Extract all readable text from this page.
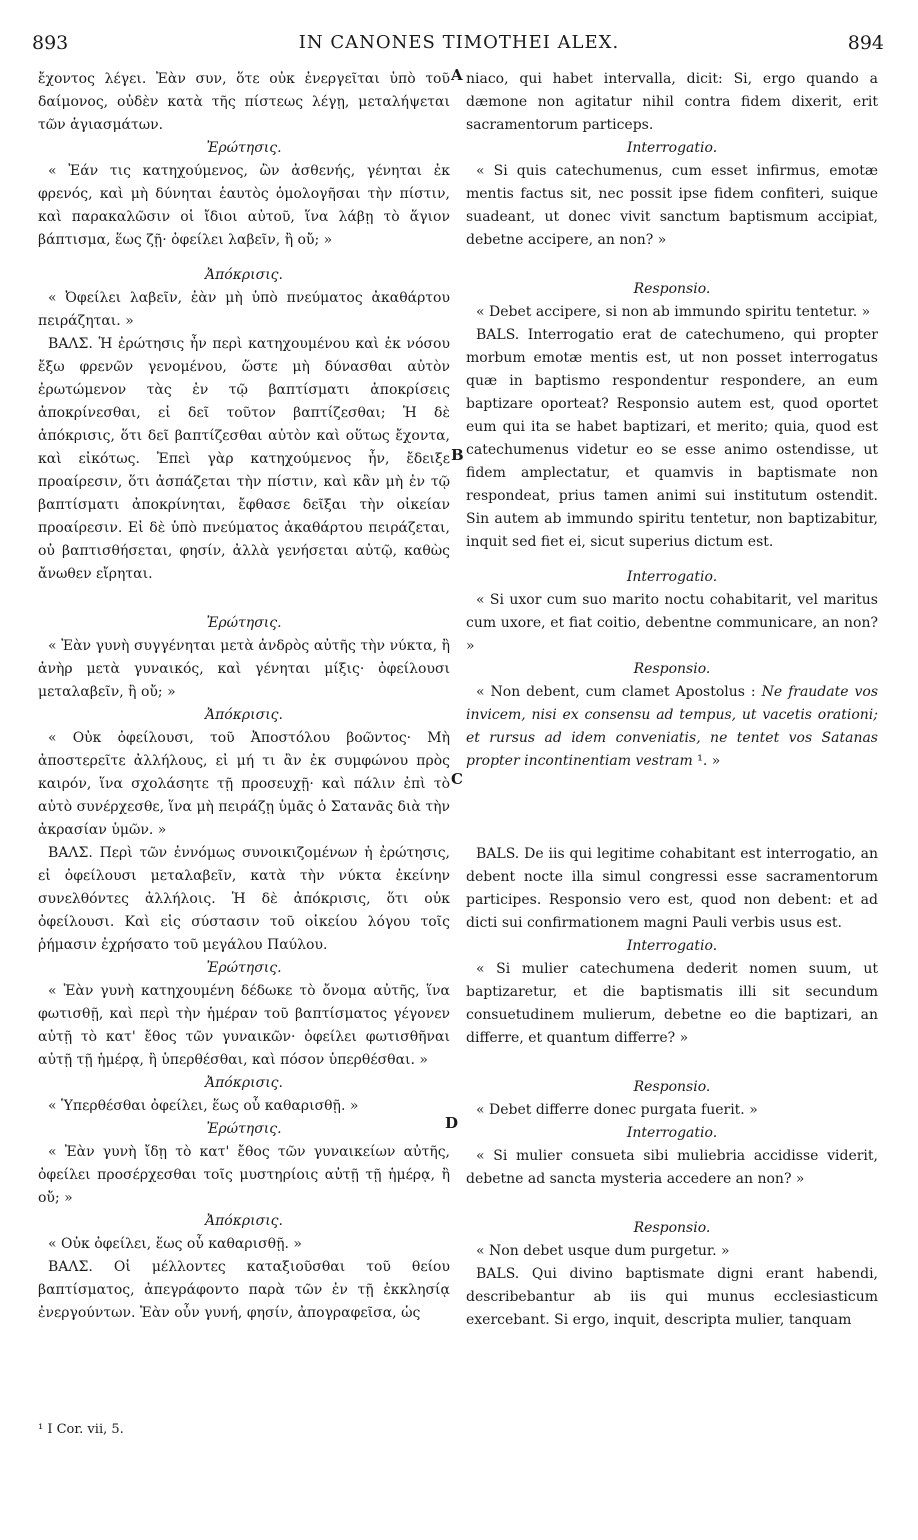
893	IN CANONES TIMOTHEI ALEX.	894
A
B
C
D

ἔχοντος λέγει. Ἐὰν συν, ὅτε οὐκ ἐνεργεῖται ὑπὸ τοῦ δαίμονος, οὐδὲν κατὰ τῆς πίστεως λέγῃ, μεταλήψεται τῶν ἁγιασμάτων.

Ἐρώτησις.

« Ἐάν τις κατηχούμενος, ὢν ἀσθενής, γένηται ἐκ φρενός, καὶ μὴ δύνηται ἑαυτὸς ὁμολογῆσαι τὴν πίστιν, καὶ παρακαλῶσιν οἱ ἴδιοι αὐτοῦ, ἵνα λάβῃ τὸ ἅγιον βάπτισμα, ἕως ζῇ· ὀφείλει λαβεῖν, ἢ οὔ; »

Ἀπόκρισις.

« Ὀφείλει λαβεῖν, ἐὰν μὴ ὑπὸ πνεύματος ἀκαθάρτου πειράζηται. »

ΒΑΛΣ. Ἡ ἐρώτησις ἦν περὶ κατηχουμένου καὶ ἐκ νόσου ἔξω φρενῶν γενομένου, ὥστε μὴ δύνασθαι αὐτὸν ἐρωτώμενον τὰς ἐν τῷ βαπτίσματι ἀποκρίσεις ἀποκρίνεσθαι, εἰ δεῖ τοῦτον βαπτίζεσθαι; Ἡ δὲ ἀπόκρισις, ὅτι δεῖ βαπτίζεσθαι αὐτὸν καὶ οὕτως ἔχοντα, καὶ εἰκότως. Ἐπεὶ γὰρ κατηχούμενος ἦν, ἔδειξε προαίρεσιν, ὅτι ἀσπάζεται τὴν πίστιν, καὶ κἂν μὴ ἐν τῷ βαπτίσματι ἀποκρίνηται, ἔφθασε δεῖξαι τὴν οἰκείαν προαίρεσιν. Εἰ δὲ ὑπὸ πνεύματος ἀκαθάρτου πειράζεται, οὐ βαπτισθήσεται, φησίν, ἀλλὰ γενήσεται αὐτῷ, καθὼς ἄνωθεν εἴρηται.

Ἐρώτησις.

« Ἐὰν γυνὴ συγγένηται μετὰ ἀνδρὸς αὐτῆς τὴν νύκτα, ἢ ἀνὴρ μετὰ γυναικός, καὶ γένηται μίξις· ὀφείλουσι μεταλαβεῖν, ἢ οὔ; »

Ἀπόκρισις.

« Οὐκ ὀφείλουσι, τοῦ Ἀποστόλου βοῶντος· Μὴ ἀποστερεῖτε ἀλλήλους, εἰ μή τι ἂν ἐκ συμφώνου πρὸς καιρόν, ἵνα σχολάσητε τῇ προσευχῇ· καὶ πάλιν ἐπὶ τὸ αὐτὸ συνέρχεσθε, ἵνα μὴ πειράζῃ ὑμᾶς ὁ Σατανᾶς διὰ τὴν ἀκρασίαν ὑμῶν. »

ΒΑΛΣ. Περὶ τῶν ἐννόμως συνοικιζομένων ἡ ἐρώτησις, εἰ ὀφείλουσι μεταλαβεῖν, κατὰ τὴν νύκτα ἐκείνην συνελθόντες ἀλλήλοις. Ἡ δὲ ἀπόκρισις, ὅτι οὐκ ὀφείλουσι. Καὶ εἰς σύστασιν τοῦ οἰκείου λόγου τοῖς ῥήμασιν ἐχρήσατο τοῦ μεγάλου Παύλου.

Ἐρώτησις.

« Ἐὰν γυνὴ κατηχουμένη δέδωκε τὸ ὄνομα αὐτῆς, ἵνα φωτισθῇ, καὶ περὶ τὴν ἡμέραν τοῦ βαπτίσματος γέγονεν αὐτῇ τὸ κατ' ἔθος τῶν γυναικῶν· ὀφείλει φωτισθῆναι αὐτῇ τῇ ἡμέρᾳ, ἢ ὑπερθέσθαι, καὶ πόσον ὑπερθέσθαι. »

Ἀπόκρισις.

« Ὑπερθέσθαι ὀφείλει, ἕως οὗ καθαρισθῇ. »

Ἐρώτησις.

« Ἐὰν γυνὴ ἴδῃ τὸ κατ' ἔθος τῶν γυναικείων αὐτῆς, ὀφείλει προσέρχεσθαι τοῖς μυστηρίοις αὐτῇ τῇ ἡμέρᾳ, ἢ οὔ; »

Ἀπόκρισις.

« Οὐκ ὀφείλει, ἕως οὗ καθαρισθῇ. »

ΒΑΛΣ. Οἱ μέλλοντες καταξιοῦσθαι τοῦ θείου βαπτίσματος, ἀπεγράφοντο παρὰ τῶν ἐν τῇ ἐκκλησίᾳ ἐνεργούντων. Ἐὰν οὖν γυνή, φησίν, ἀπογραφεῖσα, ὡς

niaco, qui habet intervalla, dicit: Si, ergo quando a dæmone non agitatur nihil contra fidem dixerit, erit sacramentorum particeps.

Interrogatio.

« Si quis catechumenus, cum esset infirmus, emotæ mentis factus sit, nec possit ipse fidem confiteri, suique suadeant, ut donec vivit sanctum baptismum accipiat, debetne accipere, an non? »

Responsio.

« Debet accipere, si non ab immundo spiritu tentetur. »

BALS. Interrogatio erat de catechumeno, qui propter morbum emotæ mentis est, ut non posset interrogatus quæ in baptismo respondentur respondere, an eum baptizare oporteat? Responsio autem est, quod oportet eum qui ita se habet baptizari, et merito; quia, quod est catechumenus videtur eo se esse animo ostendisse, ut fidem amplectatur, et quamvis in baptismate non respondeat, prius tamen animi sui institutum ostendit. Sin autem ab immundo spiritu tentetur, non baptizabitur, inquit sed fiet ei, sicut superius dictum est.

Interrogatio.

« Si uxor cum suo marito noctu cohabitarit, vel maritus cum uxore, et fiat coitio, debentne communicare, an non? »

Responsio.

« Non debent, cum clamet Apostolus : Ne fraudate vos invicem, nisi ex consensu ad tempus, ut vacetis orationi; et rursus ad idem conveniatis, ne tentet vos Satanas propter incontinentiam vestram ¹. »

BALS. De iis qui legitime cohabitant est interrogatio, an debent nocte illa simul congressi esse sacramentorum participes. Responsio vero est, quod non debent: et ad dicti sui confirmationem magni Pauli verbis usus est.

Interrogatio.

« Si mulier catechumena dederit nomen suum, ut baptizaretur, et die baptismatis illi sit secundum consuetudinem mulierum, debetne eo die baptizari, an differre, et quantum differre? »

Responsio.

« Debet differre donec purgata fuerit. »

Interrogatio.

« Si mulier consueta sibi muliebria accidisse viderit, debetne ad sancta mysteria accedere an non? »

Responsio.

« Non debet usque dum purgetur. »

BALS. Qui divino baptismate digni erant habendi, describebantur ab iis qui munus ecclesiasticum exercebant. Si ergo, inquit, descripta mulier, tanquam

¹ I Cor. vii, 5.
